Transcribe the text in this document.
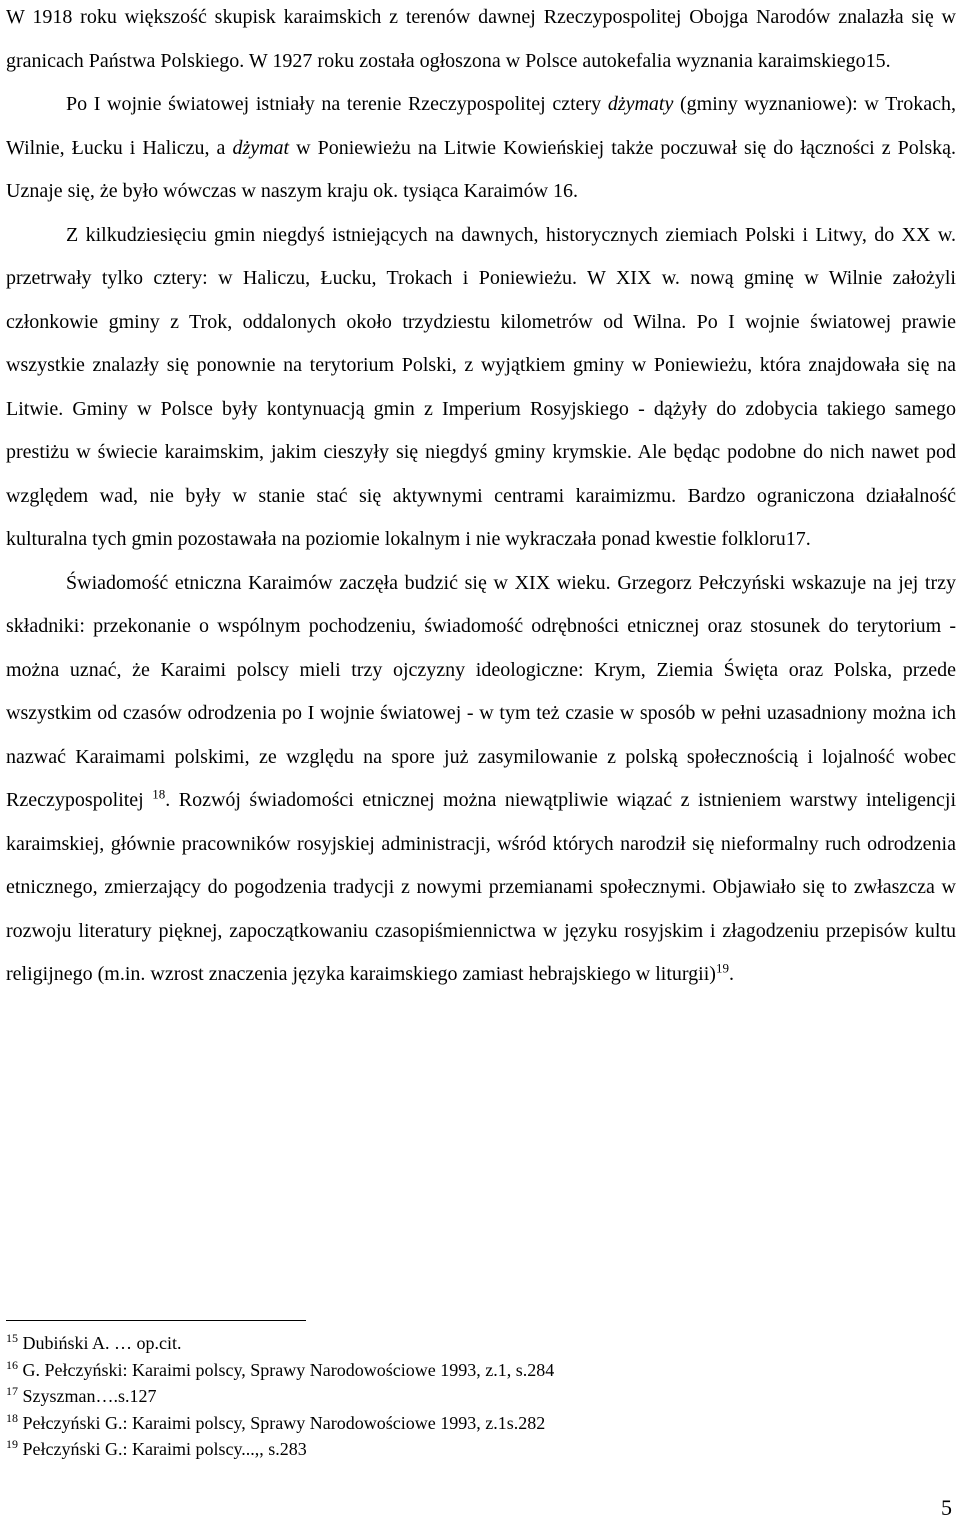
W 1918 roku większość skupisk karaimskich z terenów dawnej Rzeczypospolitej Obojga Narodów znalazła się w granicach Państwa Polskiego. W 1927 roku została ogłoszona w Polsce autokefalia wyznania karaimskiego15.

Po I wojnie światowej istniały na terenie Rzeczypospolitej cztery dżymaty (gminy wyznaniowe): w Trokach, Wilnie, Łucku i Haliczu, a dżymat w Poniewieżu na Litwie Kowieńskiej także poczuwał się do łączności z Polską. Uznaje się, że było wówczas w naszym kraju ok. tysiąca Karaimów 16.

Z kilkudziesięciu gmin niegdyś istniejących na dawnych, historycznych ziemiach Polski i Litwy, do XX w. przetrwały tylko cztery: w Haliczu, Łucku, Trokach i Poniewieżu. W XIX w. nową gminę w Wilnie założyli członkowie gminy z Trok, oddalonych około trzydziestu kilometrów od Wilna. Po I wojnie światowej prawie wszystkie znalazły się ponownie na terytorium Polski, z wyjątkiem gminy w Poniewieżu, która znajdowała się na Litwie. Gminy w Polsce były kontynuacją gmin z Imperium Rosyjskiego - dążyły do zdobycia takiego samego prestiżu w świecie karaimskim, jakim cieszyły się niegdyś gminy krymskie. Ale będąc podobne do nich nawet pod względem wad, nie były w stanie stać się aktywnymi centrami karaimizmu. Bardzo ograniczona działalność kulturalna tych gmin pozostawała na poziomie lokalnym i nie wykraczała ponad kwestie folkloru17.

Świadomość etniczna Karaimów zaczęła budzić się w XIX wieku. Grzegorz Pełczyński wskazuje na jej trzy składniki: przekonanie o wspólnym pochodzeniu, świadomość odrębności etnicznej oraz stosunek do terytorium - można uznać, że Karaimi polscy mieli trzy ojczyzny ideologiczne: Krym, Ziemia Święta oraz Polska, przede wszystkim od czasów odrodzenia po I wojnie światowej - w tym też czasie w sposób w pełni uzasadniony można ich nazwać Karaimami polskimi, ze względu na spore już zasymilowanie z polską społecznością i lojalność wobec Rzeczypospolitej $^{18}$. Rozwój świadomości etnicznej można niewątpliwie wiązać z istnieniem warstwy inteligencji karaimskiej, głównie pracowników rosyjskiej administracji, wśród których narodził się nieformalny ruch odrodzenia etnicznego, zmierzający do pogodzenia tradycji z nowymi przemianami społecznymi. Objawiało się to zwłaszcza w rozwoju literatury pięknej, zapoczątkowaniu czasopiśmiennictwa w języku rosyjskim i złagodzeniu przepisów kultu religijnego (m.in. wzrost znaczenia języka karaimskiego zamiast hebrajskiego w liturgii)$^{19}$.

$^{15}$ Dubiński A. … op.cit.

$^{16}$ G. Pełczyński: Karaimi polscy, Sprawy Narodowościowe 1993, z.1, s.284

$^{17}$ Szyszman….s.127

$^{18}$ Pełczyński G.: Karaimi polscy, Sprawy Narodowościowe 1993, z.1s.282

$^{19}$ Pełczyński G.: Karaimi polscy...,, s.283

5
